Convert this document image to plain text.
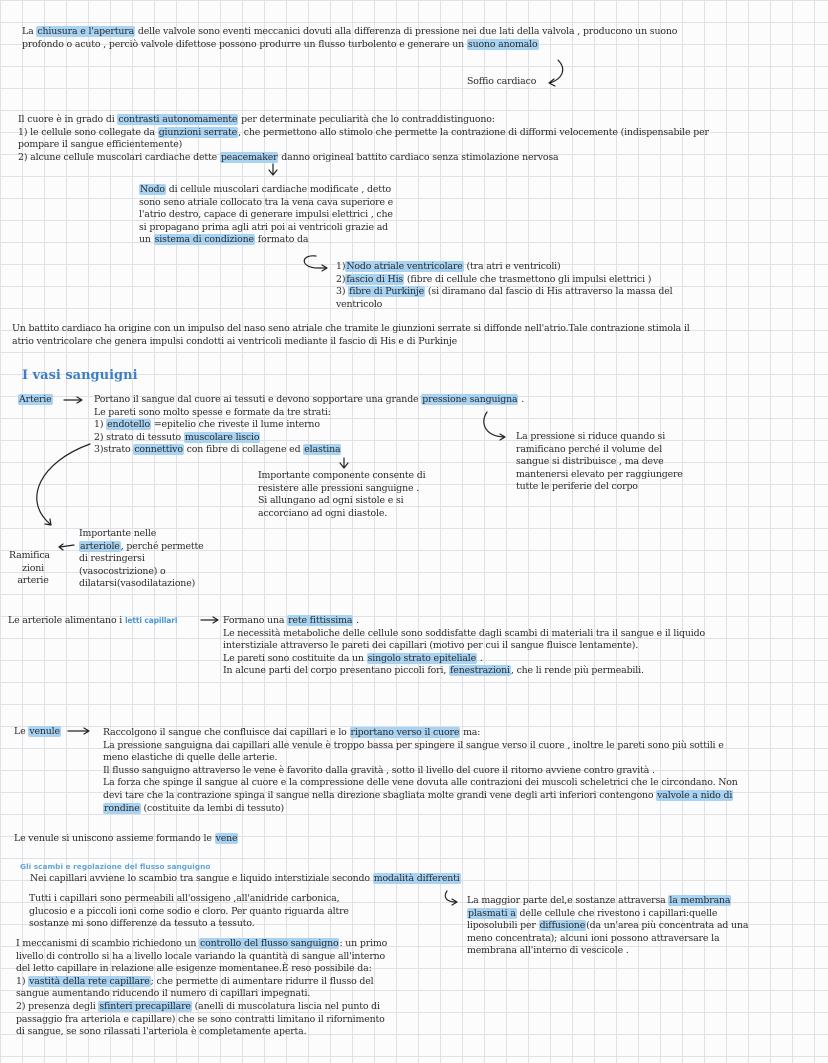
La chiusura e l'apertura delle valvole sono eventi meccanici dovuti alla differenza di pressione nei due lati della valvola , producono un suono
profondo o acuto , perciò valvole difettose possono produrre un flusso turbolento e generare un suono anomalo
Soffio cardiaco
Il cuore è in grado di contrasti autonomamente per determinate peculiarità che lo contraddistinguono:
1) le cellule sono collegate da giunzioni serrate, che permettono allo stimolo che permette la contrazione di difformi velocemente (indispensabile per
pompare il sangue efficientemente)
2) alcune cellule muscolari cardiache dette peacemaker danno origineal battito cardiaco senza stimolazione nervosa
Nodo di cellule muscolari cardiache modificate , detto
sono seno atriale collocato tra la vena cava superiore e
l'atrio destro, capace di generare impulsi elettrici , che
si propagano prima agli atri poi ai ventricoli grazie ad
un sistema di condizione formato da
1)Nodo atriale ventricolare (tra atri e ventricoli)
2)fascio di His (fibre di cellule che trasmettono gli impulsi elettrici )
3) fibre di Purkinje (si diramano dal fascio di His attraverso la massa del
ventricolo
Un battito cardiaco ha origine con un impulso del naso seno atriale che tramite le giunzioni serrate si diffonde nell'atrio.Tale contrazione stimola il
atrio ventricolare che genera impulsi condotti ai ventricoli mediante il fascio di His e di Purkinje
I vasi sanguigni
Arterie	Portano il sangue dal cuore ai tessuti e devono sopportare una grande pressione sanguigna .
Le pareti sono molto spesse e formate da tre strati:
1) endotello =epitelio che riveste il lume interno
2) strato di tessuto muscolare liscio
3)strato connettivo con fibre di collagene ed elastina
La pressione si riduce quando si
ramificano perché il volume del
sangue si distribuisce , ma deve
mantenersi elevato per raggiungere
tutte le periferie del corpo
Importante componente consente di
resistere alle pressioni sanguigne .
Si allungano ad ogni sistole e si
accorciano ad ogni diastole.
Importante nelle
arteriole, perché permette
di restringersi
(vasocostrizione) o
dilatarsi(vasodilatazione)
Ramifica
zioni
arterie
Le arteriole alimentano i letti capillari	Formano una rete fittissima .
Le necessità metaboliche delle cellule sono soddisfatte dagli scambi di materiali tra il sangue e il liquido
interstiziale attraverso le pareti dei capillari (motivo per cui il sangue fluisce lentamente).
Le pareti sono costituite da un singolo strato epiteliale .
In alcune parti del corpo presentano piccoli fori, fenestrazioni, che li rende più permeabili.
Le venule	Raccolgono il sangue che confluisce dai capillari e lo riportano verso il cuore ma:
La pressione sanguigna dai capillari alle venule è troppo bassa per spingere il sangue verso il cuore , inoltre le pareti sono più sottili e
meno elastiche di quelle delle arterie.
Il flusso sanguigno attraverso le vene è favorito dalla gravità , sotto il livello del cuore il ritorno avviene contro gravità .
La forza che spinge il sangue al cuore e la compressione delle vene dovuta alle contrazioni dei muscoli scheletrici che le circondano. Non
devi tare che la contrazione spinga il sangue nella direzione sbagliata molte grandi vene degli arti inferiori contengono valvole a nido di
rondine (costituite da lembi di tessuto)
Le venule si uniscono assieme formando le vene
Gli scambi e regolazione del flusso sanguigno
Nei capillari avviene lo scambio tra sangue e liquido interstiziale secondo modalità differenti
Tutti i capillari sono permeabili all'ossigeno ,all'anidride carbonica,
glucosio e a piccoli ioni come sodio e cloro. Per quanto riguarda altre
sostanze mi sono differenze da tessuto a tessuto.
La maggior parte del,e sostanze attraversa la membrana
plasmati a delle cellule che rivestono i capillari:quelle
liposolubili per diffusione(da un'area più concentrata ad una
meno concentrata); alcuni ioni possono attraversare la
membrana all'interno di vescicole .
I meccanismi di scambio richiedono un controllo del flusso sanguigno: un primo
livello di controllo si ha a livello locale variando la quantità di sangue all'interno
del letto capillare in relazione alle esigenze momentanee.È reso possibile da:
1) vastità della rete capillare; che permette di aumentare ridurre il flusso del
sangue aumentando riducendo il numero di capillari impegnati.
2) presenza degli sfinteri precapillare (anelli di muscolatura liscia nel punto di
passaggio fra arteriola e capillare) che se sono contratti limitano il rifornimento
di sangue, se sono rilassati l'arteriola è completamente aperta.
